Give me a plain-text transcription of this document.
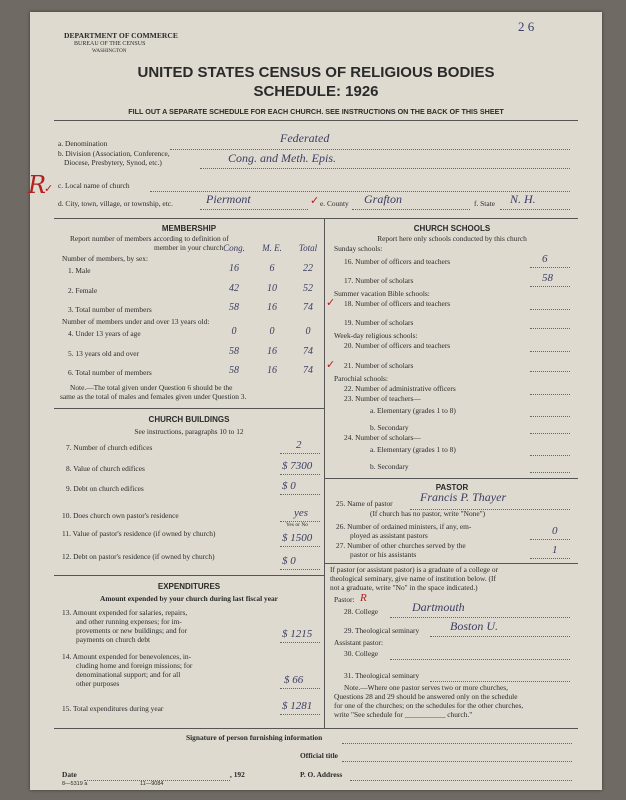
2 6
DEPARTMENT OF COMMERCE
BUREAU OF THE CENSUS
WASHINGTON
UNITED STATES CENSUS OF RELIGIOUS BODIES
SCHEDULE: 1926
FILL OUT A SEPARATE SCHEDULE FOR EACH CHURCH. SEE INSTRUCTIONS ON THE BACK OF THIS SHEET
a. Denomination	Federated
b. Division (Association, Conference,
Diocese, Presbytery, Synod, etc.)	Cong. and Meth. Epis.
c. Local name of church
d. City, town, village, or township, etc.	Piermont	✓ e. County Grafton	f. State N. H.
R
✓
MEMBERSHIP
Report number of members according to definition of
member in your church Cong.	M. E.	Total
Number of members, by sex:
1. Male	16	6	22
2. Female	42	10	52
3. Total number of members	58	16	74
Number of members under and over 13 years old:
4. Under 13 years of age	0	0	0
5. 13 years old and over	58	16	74
6. Total number of members	58	16	74
Note.—The total given under Question 6 should be the
same as the total of males and females given under Question 3.
CHURCH BUILDINGS
See instructions, paragraphs 10 to 12
7. Number of church edifices	2
8. Value of church edifices	$ 7300
9. Debt on church edifices	$ 0
10. Does church own pastor's residence	yes
Yes or No
11. Value of pastor's residence (if owned by church)	$ 1500
12. Debt on pastor's residence (if owned by church)	$ 0
EXPENDITURES
Amount expended by your church during last fiscal year
13. Amount expended for salaries, repairs,
and other running expenses; for im-
provements or new buildings; and for
payments on church debt	$ 1215
14. Amount expended for benevolences, in-
cluding home and foreign missions; for
denominational support; and for all
other purposes	$ 66
15. Total expenditures during year	$ 1281
CHURCH SCHOOLS
Report here only schools conducted by this church
Sunday schools:
16. Number of officers and teachers	6
17. Number of scholars	58
Summer vacation Bible schools:
✓ 18. Number of officers and teachers
19. Number of scholars
Week-day religious schools:
20. Number of officers and teachers
21. Number of scholars
✓
Parochial schools:
22. Number of administrative officers
23. Number of teachers—
a. Elementary (grades 1 to 8)
b. Secondary
24. Number of scholars—
a. Elementary (grades 1 to 8)
b. Secondary
PASTOR
25. Name of pastor Francis P. Thayer
(If church has no pastor, write "None")
26. Number of ordained ministers, if any, em-
ployed as assistant pastors	0
27. Number of other churches served by the
pastor or his assistants	1
If pastor (or assistant pastor) is a graduate of a college or
theological seminary, give name of institution below. (If
not a graduate, write "No" in the space indicated.)
Pastor: R
28. College	Dartmouth
29. Theological seminary	Boston U.
Assistant pastor:
30. College
31. Theological seminary
Note.—Where one pastor serves two or more churches,
Questions 28 and 29 should be answered only on the schedule
for one of the churches; on the schedules for the other churches,
write "See schedule for ___________ church."
Signature of person furnishing information
Official title
Date	, 192	P. O. Address
8—5319 a	11—9084
